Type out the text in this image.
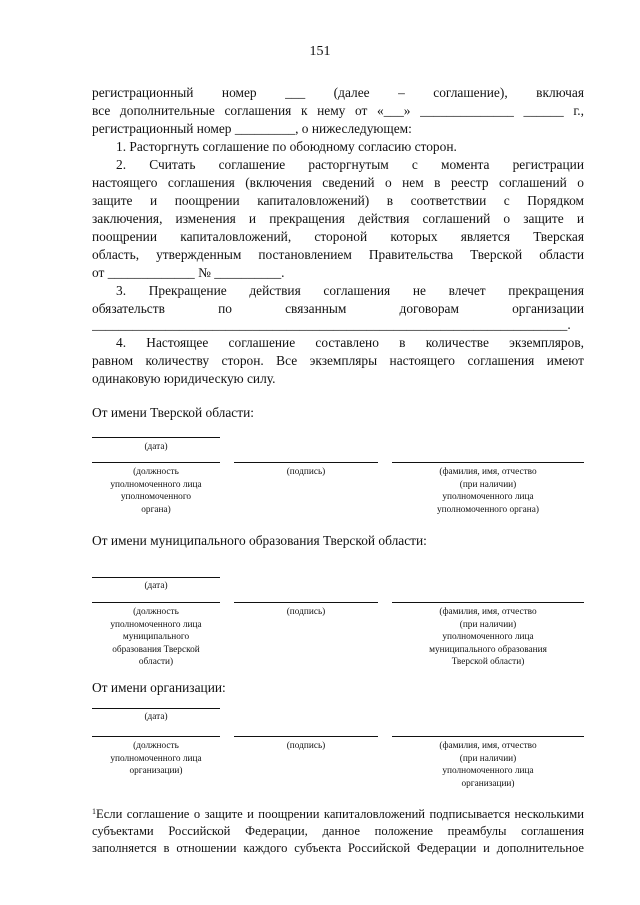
151
регистрационный номер ___ (далее – соглашение), включая
все дополнительные соглашения к нему от «___» ______________ ______ г.,
регистрационный номер _________, о нижеследующем:
1. Расторгнуть соглашение по обоюдному согласию сторон.
2. Считать соглашение расторгнутым с момента регистрации
настоящего соглашения (включения сведений о нем в реестр соглашений о
защите и поощрении капиталовложений) в соответствии с Порядком
заключения, изменения и прекращения действия соглашений о защите и
поощрении капиталовложений, стороной которых является Тверская
область, утвержденным постановлением Правительства Тверской области
от _____________ № __________.
3. Прекращение действия соглашения не влечет прекращения
обязательств по связанным договорам организации
_______________________________________________________________________.
4. Настоящее соглашение составлено в количестве экземпляров,
равном количеству сторон. Все экземпляры настоящего соглашения имеют
одинаковую юридическую силу.
От имени Тверской области:
(дата)
(должность
уполномоченного лица
уполномоченного
органа)
(подпись)	(фамилия, имя, отчество
(при наличии)
уполномоченного лица
уполномоченного органа)
От имени муниципального образования Тверской области:
(дата)
(должность
уполномоченного лица
муниципального
образования Тверской
области)
(подпись)	(фамилия, имя, отчество
(при наличии)
уполномоченного лица
муниципального образования
Тверской области)
От имени организации:
(дата)
(должность
уполномоченного лица
организации)
(подпись)	(фамилия, имя, отчество
(при наличии)
уполномоченного лица
организации)
$^1$Если соглашение о защите и поощрении капиталовложений подписывается несколькими
субъектами Российской Федерации, данное положение преамбулы соглашения
заполняется в отношении каждого субъекта Российской Федерации и дополнительное
